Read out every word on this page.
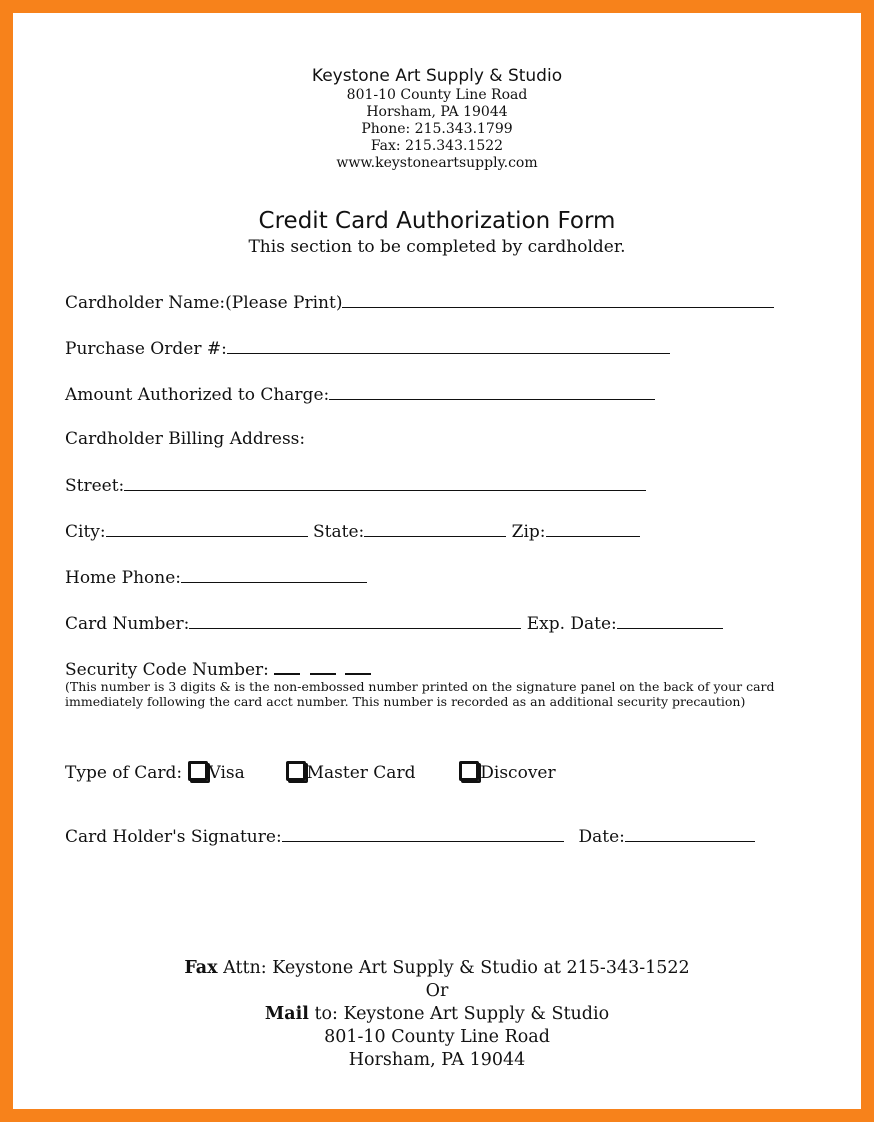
Keystone Art Supply & Studio
801-10 County Line Road
Horsham, PA 19044
Phone: 215.343.1799
Fax: 215.343.1522
www.keystoneartsupply.com
Credit Card Authorization Form
This section to be completed by cardholder.
Cardholder Name:(Please Print)
Purchase Order #:
Amount Authorized to Charge:
Cardholder Billing Address:
Street:
City:	State:	Zip:
Home Phone:
Card Number:	Exp. Date:
Security Code Number:
(This number is 3 digits & is the non-embossed number printed on the signature panel on the back of your card immediately following the card acct number. This number is recorded as an additional security precaution)
Type of Card: Visa	Master Card	Discover
Card Holder's Signature:	Date:
Fax Attn: Keystone Art Supply & Studio at 215-343-1522
Or
Mail to: Keystone Art Supply & Studio
801-10 County Line Road
Horsham, PA 19044
